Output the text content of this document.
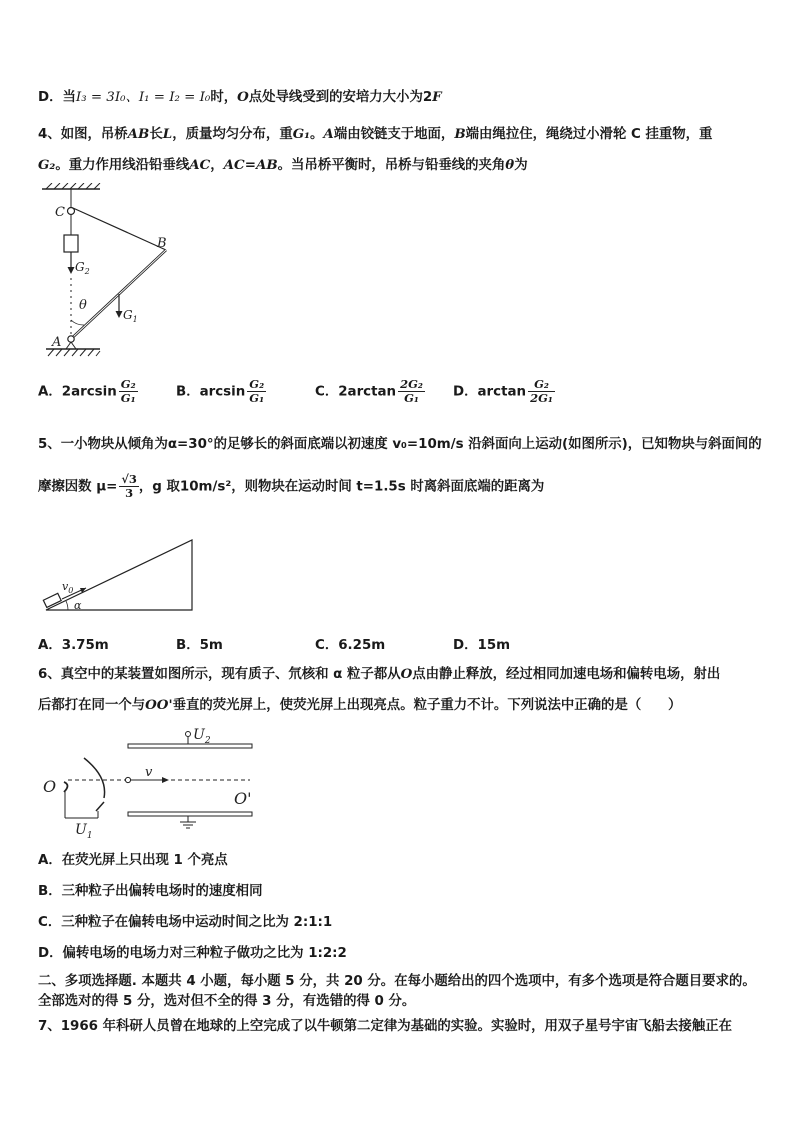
D．当I₃ = 3I₀、I₁ = I₂ = I₀时，O点处导线受到的安培力大小为2F
4、如图，吊桥AB长L，质量均匀分布，重G₁。A端由铰链支于地面，B端由绳拉住，绳绕过小滑轮 C 挂重物，重
G₂。重力作用线沿铅垂线AC，AC=AB。当吊桥平衡时，吊桥与铅垂线的夹角θ为
C
$G_2$
B
$G_1$
θ
A
A．$2\arcsin \frac{\text{G₂}}{\text{G₁}}$	B．$\arcsin \frac{\text{G₂}}{\text{G₁}}$	C．$2\arctan \frac{\text{2G₂}}{\text{G₁}}$ D．$\arctan \frac{\text{G₂}}{\text{2G₁}}$
5、一小物块从倾角为α=30°的足够长的斜面底端以初速度 v₀=10m/s 沿斜面向上运动(如图所示)，已知物块与斜面间的
摩擦因数 $\mu= \frac{√3}{3}$ ，g 取10m/s²，则物块在运动时间 t=1.5s 时离斜面底端的距离为
$v_0$
α
A．3.75m	B．5m	C．6.25m	D．15m
6、真空中的某装置如图所示，现有质子、氘核和 α 粒子都从O点由静止释放，经过相同加速电场和偏转电场，射出
后都打在同一个与OO'垂直的荧光屏上，使荧光屏上出现亮点。粒子重力不计。下列说法中正确的是（　　）
O
v
$U_2$
O'
$U_1$
A．在荧光屏上只出现 1 个亮点
B．三种粒子出偏转电场时的速度相同
C．三种粒子在偏转电场中运动时间之比为 2:1:1
D．偏转电场的电场力对三种粒子做功之比为 1:2:2
二、多项选择题. 本题共 4 小题，每小题 5 分，共 20 分。在每小题给出的四个选项中，有多个选项是符合题目要求的。
全部选对的得 5 分，选对但不全的得 3 分，有选错的得 0 分。
7、1966 年科研人员曾在地球的上空完成了以牛顿第二定律为基础的实验。实验时，用双子星号宇宙飞船去接触正在
